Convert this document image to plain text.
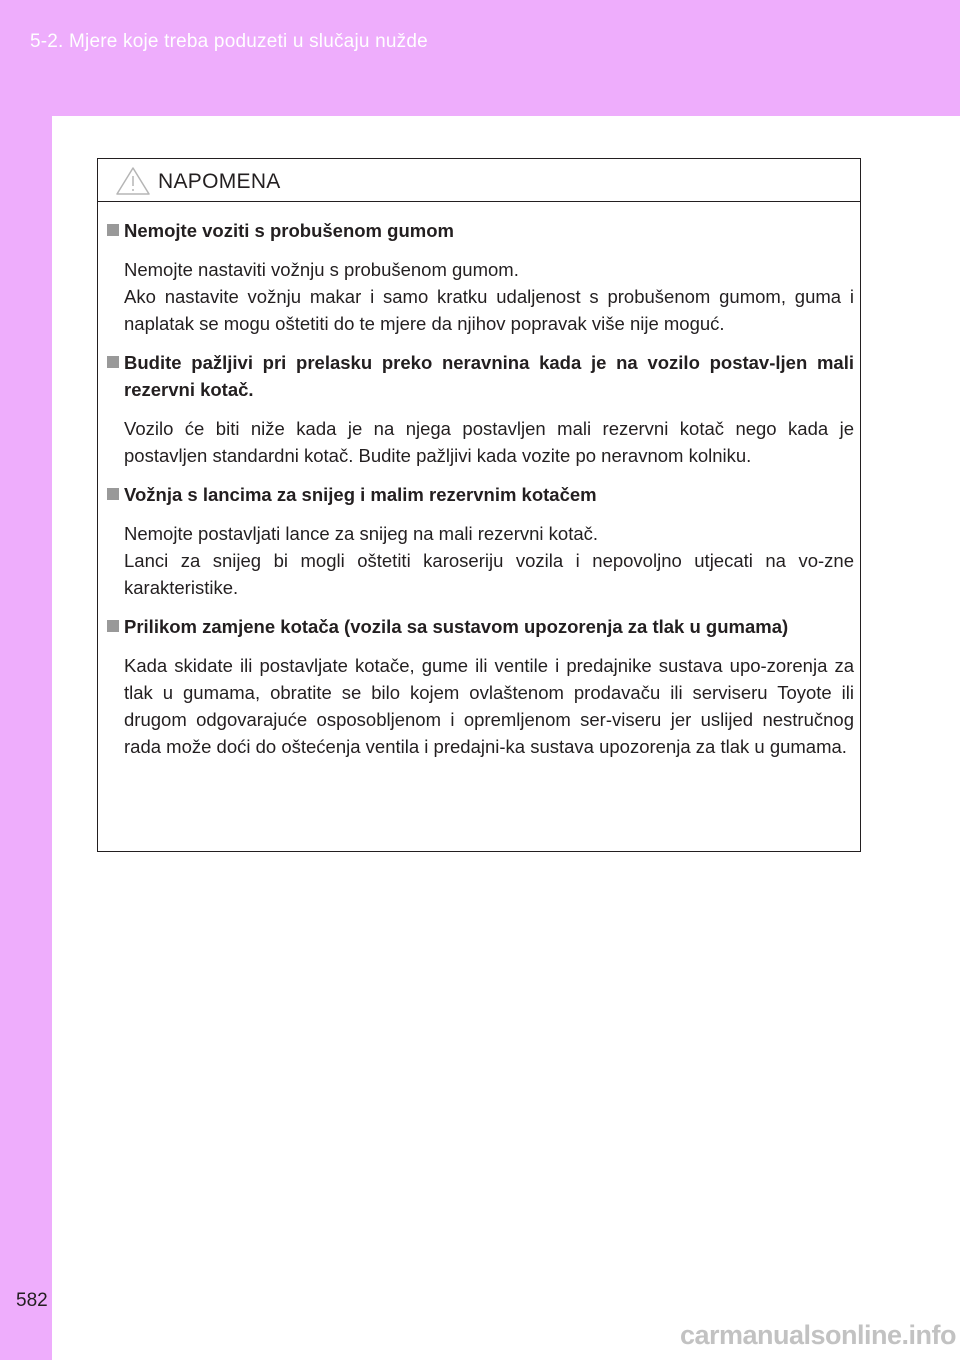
5-2. Mjere koje treba poduzeti u slučaju nužde
582
NAPOMENA
Nemojte voziti s probušenom gumom
Nemojte nastaviti vožnju s probušenom gumom.
Ako nastavite vožnju makar i samo kratku udaljenost s probušenom gumom, guma i naplatak se mogu oštetiti do te mjere da njihov popravak više nije moguć.
Budite pažljivi pri prelasku preko neravnina kada je na vozilo postav-ljen mali rezervni kotač.
Vozilo će biti niže kada je na njega postavljen mali rezervni kotač nego kada je postavljen standardni kotač. Budite pažljivi kada vozite po neravnom kolniku.
Vožnja s lancima za snijeg i malim rezervnim kotačem
Nemojte postavljati lance za snijeg na mali rezervni kotač.
Lanci za snijeg bi mogli oštetiti karoseriju vozila i nepovoljno utjecati na vo-zne karakteristike.
Prilikom zamjene kotača (vozila sa sustavom upozorenja za tlak u gumama)
Kada skidate ili postavljate kotače, gume ili ventile i predajnike sustava upo-zorenja za tlak u gumama, obratite se bilo kojem ovlaštenom prodavaču ili serviseru Toyote ili drugom odgovarajuće osposobljenom i opremljenom ser-viseru jer uslijed nestručnog rada može doći do oštećenja ventila i predajni-ka sustava upozorenja za tlak u gumama.
carmanualsonline.info
